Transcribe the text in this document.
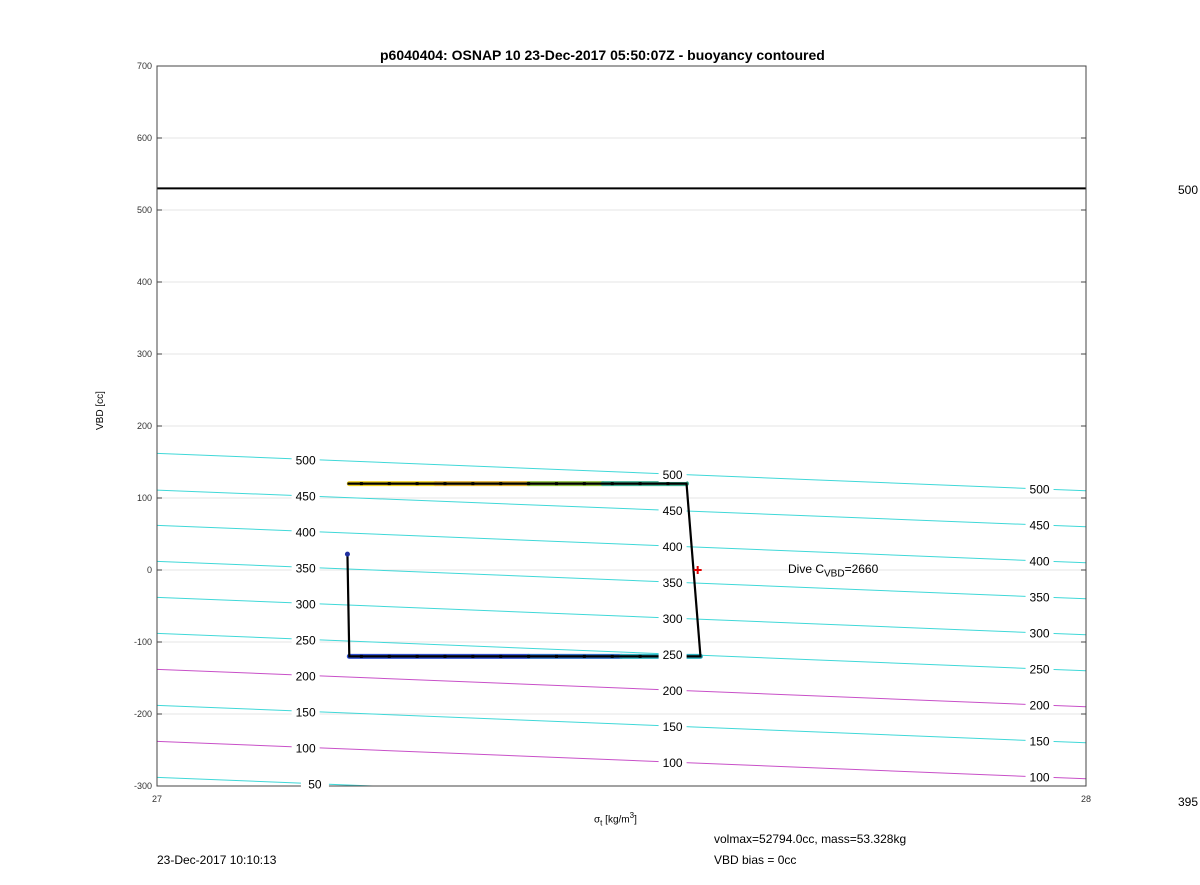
-300
-200
-100
0
100
200
300
400
500
600
700
27	28
500
500
500
450
450
450
400
400
400
350
350
350
300
300
300
250
250
250
200
200
200
150
150
150
100
100
100
50
p6040404: OSNAP 10 23-Dec-2017 05:50:07Z - buoyancy contoured
VBD [cc]
$\sigma_t$ $[kg/m^3]$
Dive $C_{VBD}=2660$
500
395
23-Dec-2017 10:10:13
volmax=52794.0cc, mass=53.328kg
VBD bias = 0cc
